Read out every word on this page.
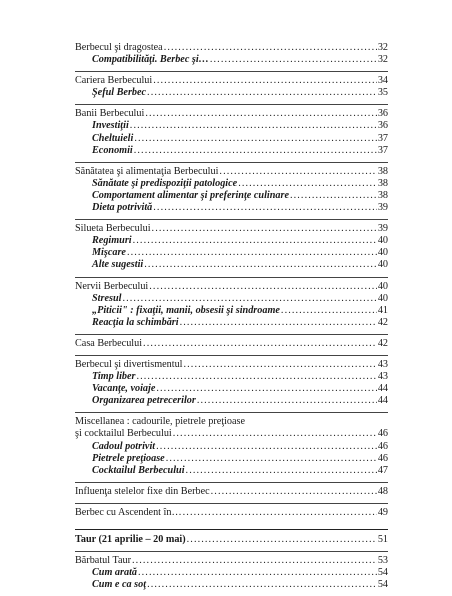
Berbecul şi dragostea .....	32
Compatibilităţi. Berbec şi… .....	32
Cariera Berbecului .....	34
Şeful Berbec .....	35
Banii Berbecului .....	36
Investiţii .....	36
Cheltuieli .....	37
Economii .....	37
Sănătatea şi alimentaţia Berbecului .....	38
Sănătate şi predispoziţii patologice .....	38
Comportament alimentar şi preferinţe culinare .....	38
Dieta potrivită .....	39
Silueta Berbecului .....	39
Regimuri .....	40
Mişcare .....	40
Alte sugestii .....	40
Nervii Berbecului .....	40
Stresul .....	40
„Piticii" : fixaţii, manii, obsesii şi sindroame .....	41
Reacţia la schimbări .....	42
Casa Berbecului .....	42
Berbecul şi divertismentul .....	43
Timp liber .....	43
Vacanţe, voiaje .....	44
Organizarea petrecerilor .....	44
Miscellanea : cadourile, pietrele preţioase
şi cocktailul Berbecului .....	46
Cadoul potrivit .....	46
Pietrele preţioase .....	46
Cocktailul Berbecului .....	47
Influenţa stelelor fixe din Berbec .....	48
Berbec cu Ascendent în… .....	49
Taur (21 aprilie – 20 mai) .....	51
Bărbatul Taur .....	53
Cum arată .....	54
Cum e ca soţ .....	54
